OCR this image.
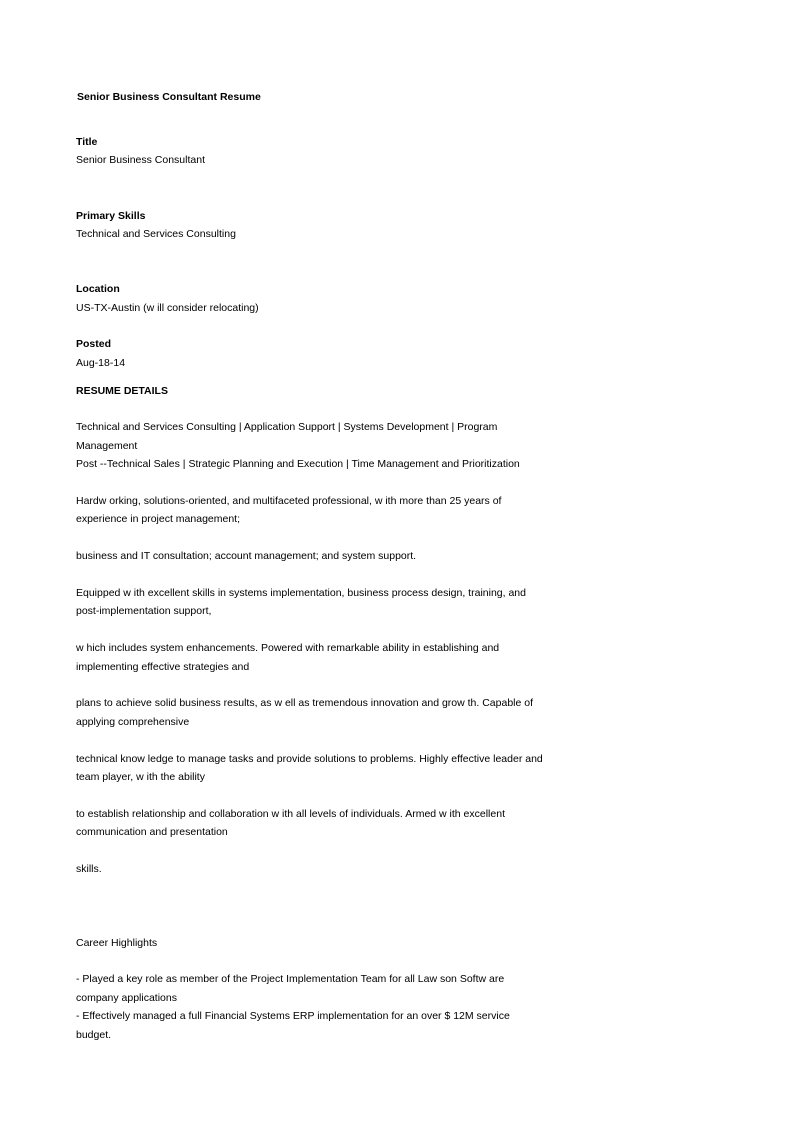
Senior Business Consultant Resume
Title
Senior Business Consultant
Primary Skills
Technical and Services Consulting
Location
US-TX-Austin (w ill consider relocating)
Posted
Aug-18-14
RESUME DETAILS
Technical and Services Consulting | Application Support | Systems Development | Program
Management
Post --Technical Sales | Strategic Planning and Execution | Time Management and Prioritization
Hardw orking, solutions-oriented, and multifaceted professional, w ith more than 25 years of
experience in project management;
business and IT consultation; account management; and system support.
Equipped w ith excellent skills in systems implementation, business process design, training, and
post-implementation support,
w hich includes system enhancements. Powered with remarkable ability in establishing and
implementing effective strategies and
plans to achieve solid business results, as w ell as tremendous innovation and grow th. Capable of
applying comprehensive
technical know ledge to manage tasks and provide solutions to problems. Highly effective leader and
team player, w ith the ability
to establish relationship and collaboration w ith all levels of individuals. Armed w ith excellent
communication and presentation
skills.
Career Highlights
- Played a key role as member of the Project Implementation Team for all Law son Softw are
company applications
- Effectively managed a full Financial Systems ERP implementation for an over $ 12M service
budget.
